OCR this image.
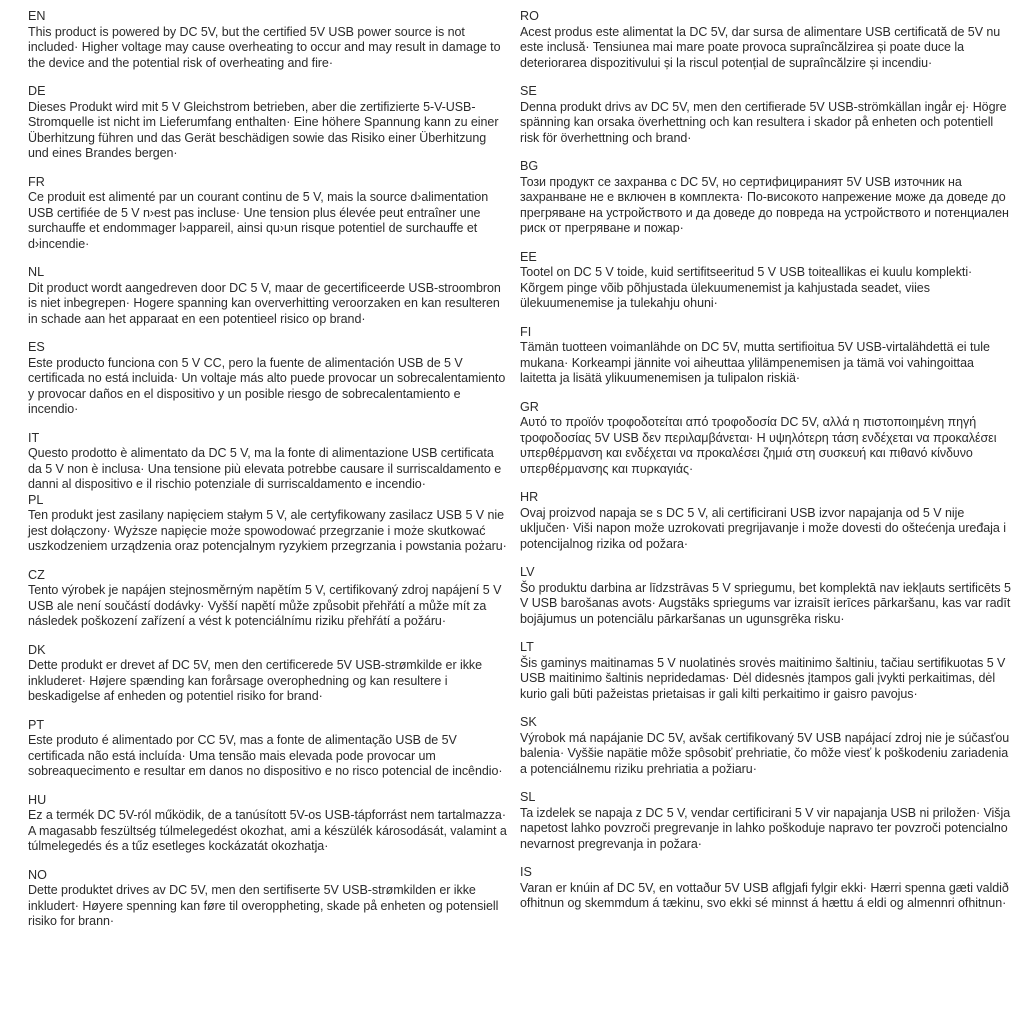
EN

This product is powered by DC 5V, but the certified 5V USB power source is not included· Higher voltage may cause overheating to occur and may result in damage to the device and the potential risk of overheating and fire·

DE

Dieses Produkt wird mit 5 V Gleichstrom betrieben, aber die zertifizierte 5-V-USB-Stromquelle ist nicht im Lieferumfang enthalten· Eine höhere Spannung kann zu einer Überhitzung führen und das Gerät beschädigen sowie das Risiko einer Überhitzung und eines Brandes bergen·

FR

Ce produit est alimenté par un courant continu de 5 V, mais la source d›alimentation USB certifiée de 5 V n›est pas incluse· Une tension plus élevée peut entraîner une surchauffe et endommager l›appareil, ainsi qu›un risque potentiel de surchauffe et d›incendie·

NL

Dit product wordt aangedreven door DC 5 V, maar de gecertificeerde USB-stroombron is niet inbegrepen· Hogere spanning kan oververhitting veroorzaken en kan resulteren in schade aan het apparaat en een potentieel risico op brand·

ES

Este producto funciona con 5 V CC, pero la fuente de alimentación USB de 5 V certificada no está incluida· Un voltaje más alto puede provocar un sobrecalentamiento y provocar daños en el dispositivo y un posible riesgo de sobrecalentamiento e incendio·

IT

Questo prodotto è alimentato da DC 5 V, ma la fonte di alimentazione USB certificata da 5 V non è inclusa· Una tensione più elevata potrebbe causare il surriscaldamento e danni al dispositivo e il rischio potenziale di surriscaldamento e incendio·

PL

Ten produkt jest zasilany napięciem stałym 5 V, ale certyfikowany zasilacz USB 5 V nie jest dołączony· Wyższe napięcie może spowodować przegrzanie i może skutkować uszkodzeniem urządzenia oraz potencjalnym ryzykiem przegrzania i powstania pożaru·

CZ

Tento výrobek je napájen stejnosměrným napětím 5 V, certifikovaný zdroj napájení 5 V USB ale není součástí dodávky· Vyšší napětí může způsobit přehřátí a může mít za následek poškození zařízení a vést k potenciálnímu riziku přehřátí a požáru·

DK

Dette produkt er drevet af DC 5V, men den certificerede 5V USB-strømkilde er ikke inkluderet· Højere spænding kan forårsage overophedning og kan resultere i beskadigelse af enheden og potentiel risiko for brand·

PT

Este produto é alimentado por CC 5V, mas a fonte de alimentação USB de 5V certificada não está incluída· Uma tensão mais elevada pode provocar um sobreaquecimento e resultar em danos no dispositivo e no risco potencial de incêndio·

HU

Ez a termék DC 5V-ról működik, de a tanúsított 5V-os USB-tápforrást nem tartalmazza· A magasabb feszültség túlmelegedést okozhat, ami a készülék károsodását, valamint a túlmelegedés és a tűz esetleges kockázatát okozhatja·

NO

Dette produktet drives av DC 5V, men den sertifiserte 5V USB-strømkilden er ikke inkludert· Høyere spenning kan føre til overoppheting, skade på enheten og potensiell risiko for brann·

RO

Acest produs este alimentat la DC 5V, dar sursa de alimentare USB certificată de 5V nu este inclusă· Tensiunea mai mare poate provoca supraîncălzirea și poate duce la deteriorarea dispozitivului și la riscul potențial de supraîncălzire și incendiu·

SE

Denna produkt drivs av DC 5V, men den certifierade 5V USB-strömkällan ingår ej· Högre spänning kan orsaka överhettning och kan resultera i skador på enheten och potentiell risk för överhettning och brand·

BG

Този продукт се захранва с DC 5V, но сертифицираният 5V USB източник на захранване не е включен в комплекта· По-високото напрежение може да доведе до прегряване на устройството и да доведе до повреда на устройството и потенциален риск от прегряване и пожар·

EE

Tootel on DC 5 V toide, kuid sertifitseeritud 5 V USB toiteallikas ei kuulu komplekti· Kõrgem pinge võib põhjustada ülekuumenemist ja kahjustada seadet, viies ülekuumenemise ja tulekahju ohuni·

FI

Tämän tuotteen voimanlähde on DC 5V, mutta sertifioitua 5V USB-virtalähdettä ei tule mukana· Korkeampi jännite voi aiheuttaa ylilämpenemisen ja tämä voi vahingoittaa laitetta ja lisätä ylikuumenemisen ja tulipalon riskiä·

GR

Αυτό το προϊόν τροφοδοτείται από τροφοδοσία DC 5V, αλλά η πιστοποιημένη πηγή τροφοδοσίας 5V USB δεν περιλαμβάνεται· Η υψηλότερη τάση ενδέχεται να προκαλέσει υπερθέρμανση και ενδέχεται να προκαλέσει ζημιά στη συσκευή και πιθανό κίνδυνο υπερθέρμανσης και πυρκαγιάς·

HR

Ovaj proizvod napaja se s DC 5 V, ali certificirani USB izvor napajanja od 5 V nije uključen· Viši napon može uzrokovati pregrijavanje i može dovesti do oštećenja uređaja i potencijalnog rizika od požara·

LV

Šo produktu darbina ar līdzstrāvas 5 V spriegumu, bet komplektā nav iekļauts sertificēts 5 V USB barošanas avots· Augstāks spriegums var izraisīt ierīces pārkaršanu, kas var radīt bojājumus un potenciālu pārkaršanas un ugunsgrēka risku·

LT

Šis gaminys maitinamas 5 V nuolatinės srovės maitinimo šaltiniu, tačiau sertifikuotas 5 V USB maitinimo šaltinis nepridedamas· Dėl didesnės įtampos gali įvykti perkaitimas, dėl kurio gali būti pažeistas prietaisas ir gali kilti perkaitimo ir gaisro pavojus·

SK

Výrobok má napájanie DC 5V, avšak certifikovaný 5V USB napájací zdroj nie je súčasťou balenia· Vyššie napätie môže spôsobiť prehriatie, čo môže viesť k poškodeniu zariadenia a potenciálnemu riziku prehriatia a požiaru·

SL

Ta izdelek se napaja z DC 5 V, vendar certificirani 5 V vir napajanja USB ni priložen· Višja napetost lahko povzroči pregrevanje in lahko poškoduje napravo ter povzroči potencialno nevarnost pregrevanja in požara·

IS

Varan er knúin af DC 5V, en vottaður 5V USB aflgjafi fylgir ekki· Hærri spenna gæti valdið ofhitnun og skemmdum á tækinu, svo ekki sé minnst á hættu á eldi og almennri ofhitnun·
